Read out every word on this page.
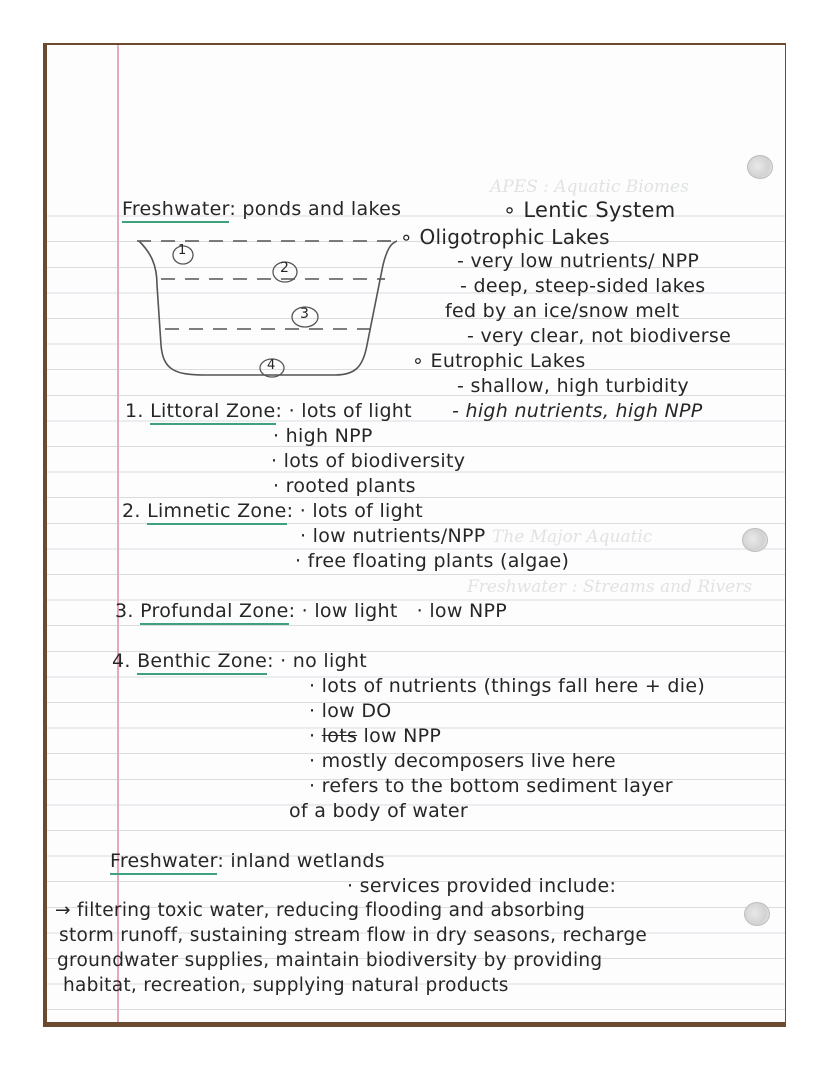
APES : Aquatic Biomes
The Major Aquatic
Freshwater : Streams and Rivers
Freshwater: ponds and lakes
1
2
3
4
∘ Lentic System
∘ Oligotrophic Lakes
- very low nutrients/ NPP
- deep, steep-sided lakes
fed by an ice/snow melt
- very clear, not biodiverse
∘ Eutrophic Lakes
- shallow, high turbidity
- high nutrients, high NPP
1. Littoral Zone: · lots of light
· high NPP
· lots of biodiversity
· rooted plants
2. Limnetic Zone: · lots of light
· low nutrients/NPP
· free floating plants (algae)
3. Profundal Zone: · low light · low NPP
4. Benthic Zone: · no light
· lots of nutrients (things fall here + die)
· low DO
· lots low NPP
· mostly decomposers live here
· refers to the bottom sediment layer
of a body of water
Freshwater: inland wetlands
· services provided include:
→ filtering toxic water, reducing flooding and absorbing
storm runoff, sustaining stream flow in dry seasons, recharge
groundwater supplies, maintain biodiversity by providing
habitat, recreation, supplying natural products
